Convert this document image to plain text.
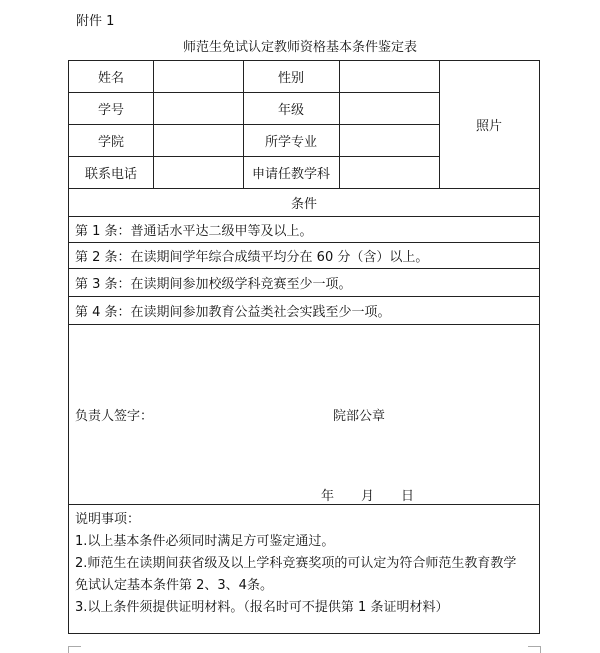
附件 1
师范生免试认定教师资格基本条件鉴定表
姓名	性别
学号	年级
学院	所学专业
联系电话	申请任教学科
照片
条件
第 1 条：普通话水平达二级甲等及以上。
第 2 条：在读期间学年综合成绩平均分在 60 分（含）以上。
第 3 条：在读期间参加校级学科竞赛至少一项。
第 4 条：在读期间参加教育公益类社会实践至少一项。
负责人签字：	院部公章
年 月 日
说明事项：
1.以上基本条件必须同时满足方可鉴定通过。
2.师范生在读期间获省级及以上学科竞赛奖项的可认定为符合师范生教育教学
免试认定基本条件第 2、3、4条。
3.以上条件须提供证明材料。（报名时可不提供第 1 条证明材料）
